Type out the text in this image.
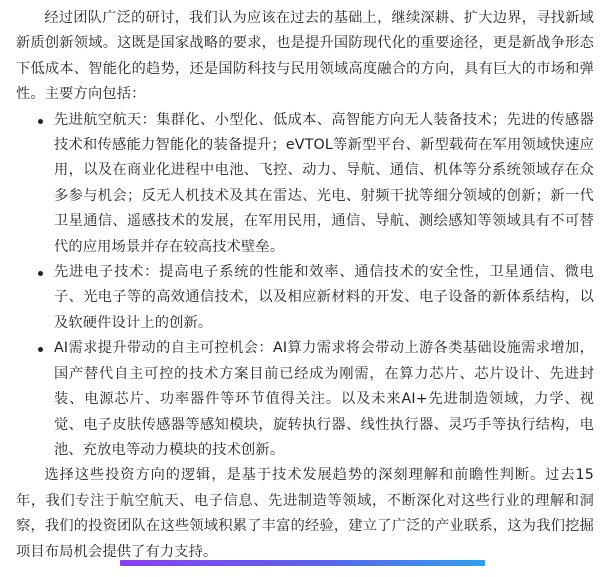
经过团队广泛的研讨，我们认为应该在过去的基础上，继续深耕、扩大边界，寻找新域新质创新领域。这既是国家战略的要求，也是提升国防现代化的重要途径，更是新战争形态下低成本、智能化的趋势，还是国防科技与民用领域高度融合的方向，具有巨大的市场和弹性。主要方向包括：

先进航空航天：集群化、小型化、低成本、高智能方向无人装备技术；先进的传感器技术和传感能力智能化的装备提升；eVTOL等新型平台、新型载荷在军用领域快速应用，以及在商业化进程中电池、飞控、动力、导航、通信、机体等分系统领域存在众多参与机会；反无人机技术及其在雷达、光电、射频干扰等细分领域的创新；新一代卫星通信、遥感技术的发展，在军用民用，通信、导航、测绘感知等领域具有不可替代的应用场景并存在较高技术壁垒。
先进电子技术：提高电子系统的性能和效率、通信技术的安全性，卫星通信、微电子、光电子等的高效通信技术，以及相应新材料的开发、电子设备的新体系结构，以及软硬件设计上的创新。
AI需求提升带动的自主可控机会：AI算力需求将会带动上游各类基础设施需求增加，国产替代自主可控的技术方案目前已经成为刚需，在算力芯片、芯片设计、先进封装、电源芯片、功率器件等环节值得关注。以及未来AI+先进制造领域，力学、视觉、电子皮肤传感器等感知模块，旋转执行器、线性执行器、灵巧手等执行结构，电池、充放电等动力模块的技术创新。

选择这些投资方向的逻辑，是基于技术发展趋势的深刻理解和前瞻性判断。过去15年，我们专注于航空航天、电子信息、先进制造等领域，不断深化对这些行业的理解和洞察，我们的投资团队在这些领域积累了丰富的经验，建立了广泛的产业联系，这为我们挖掘项目布局机会提供了有力支持。
